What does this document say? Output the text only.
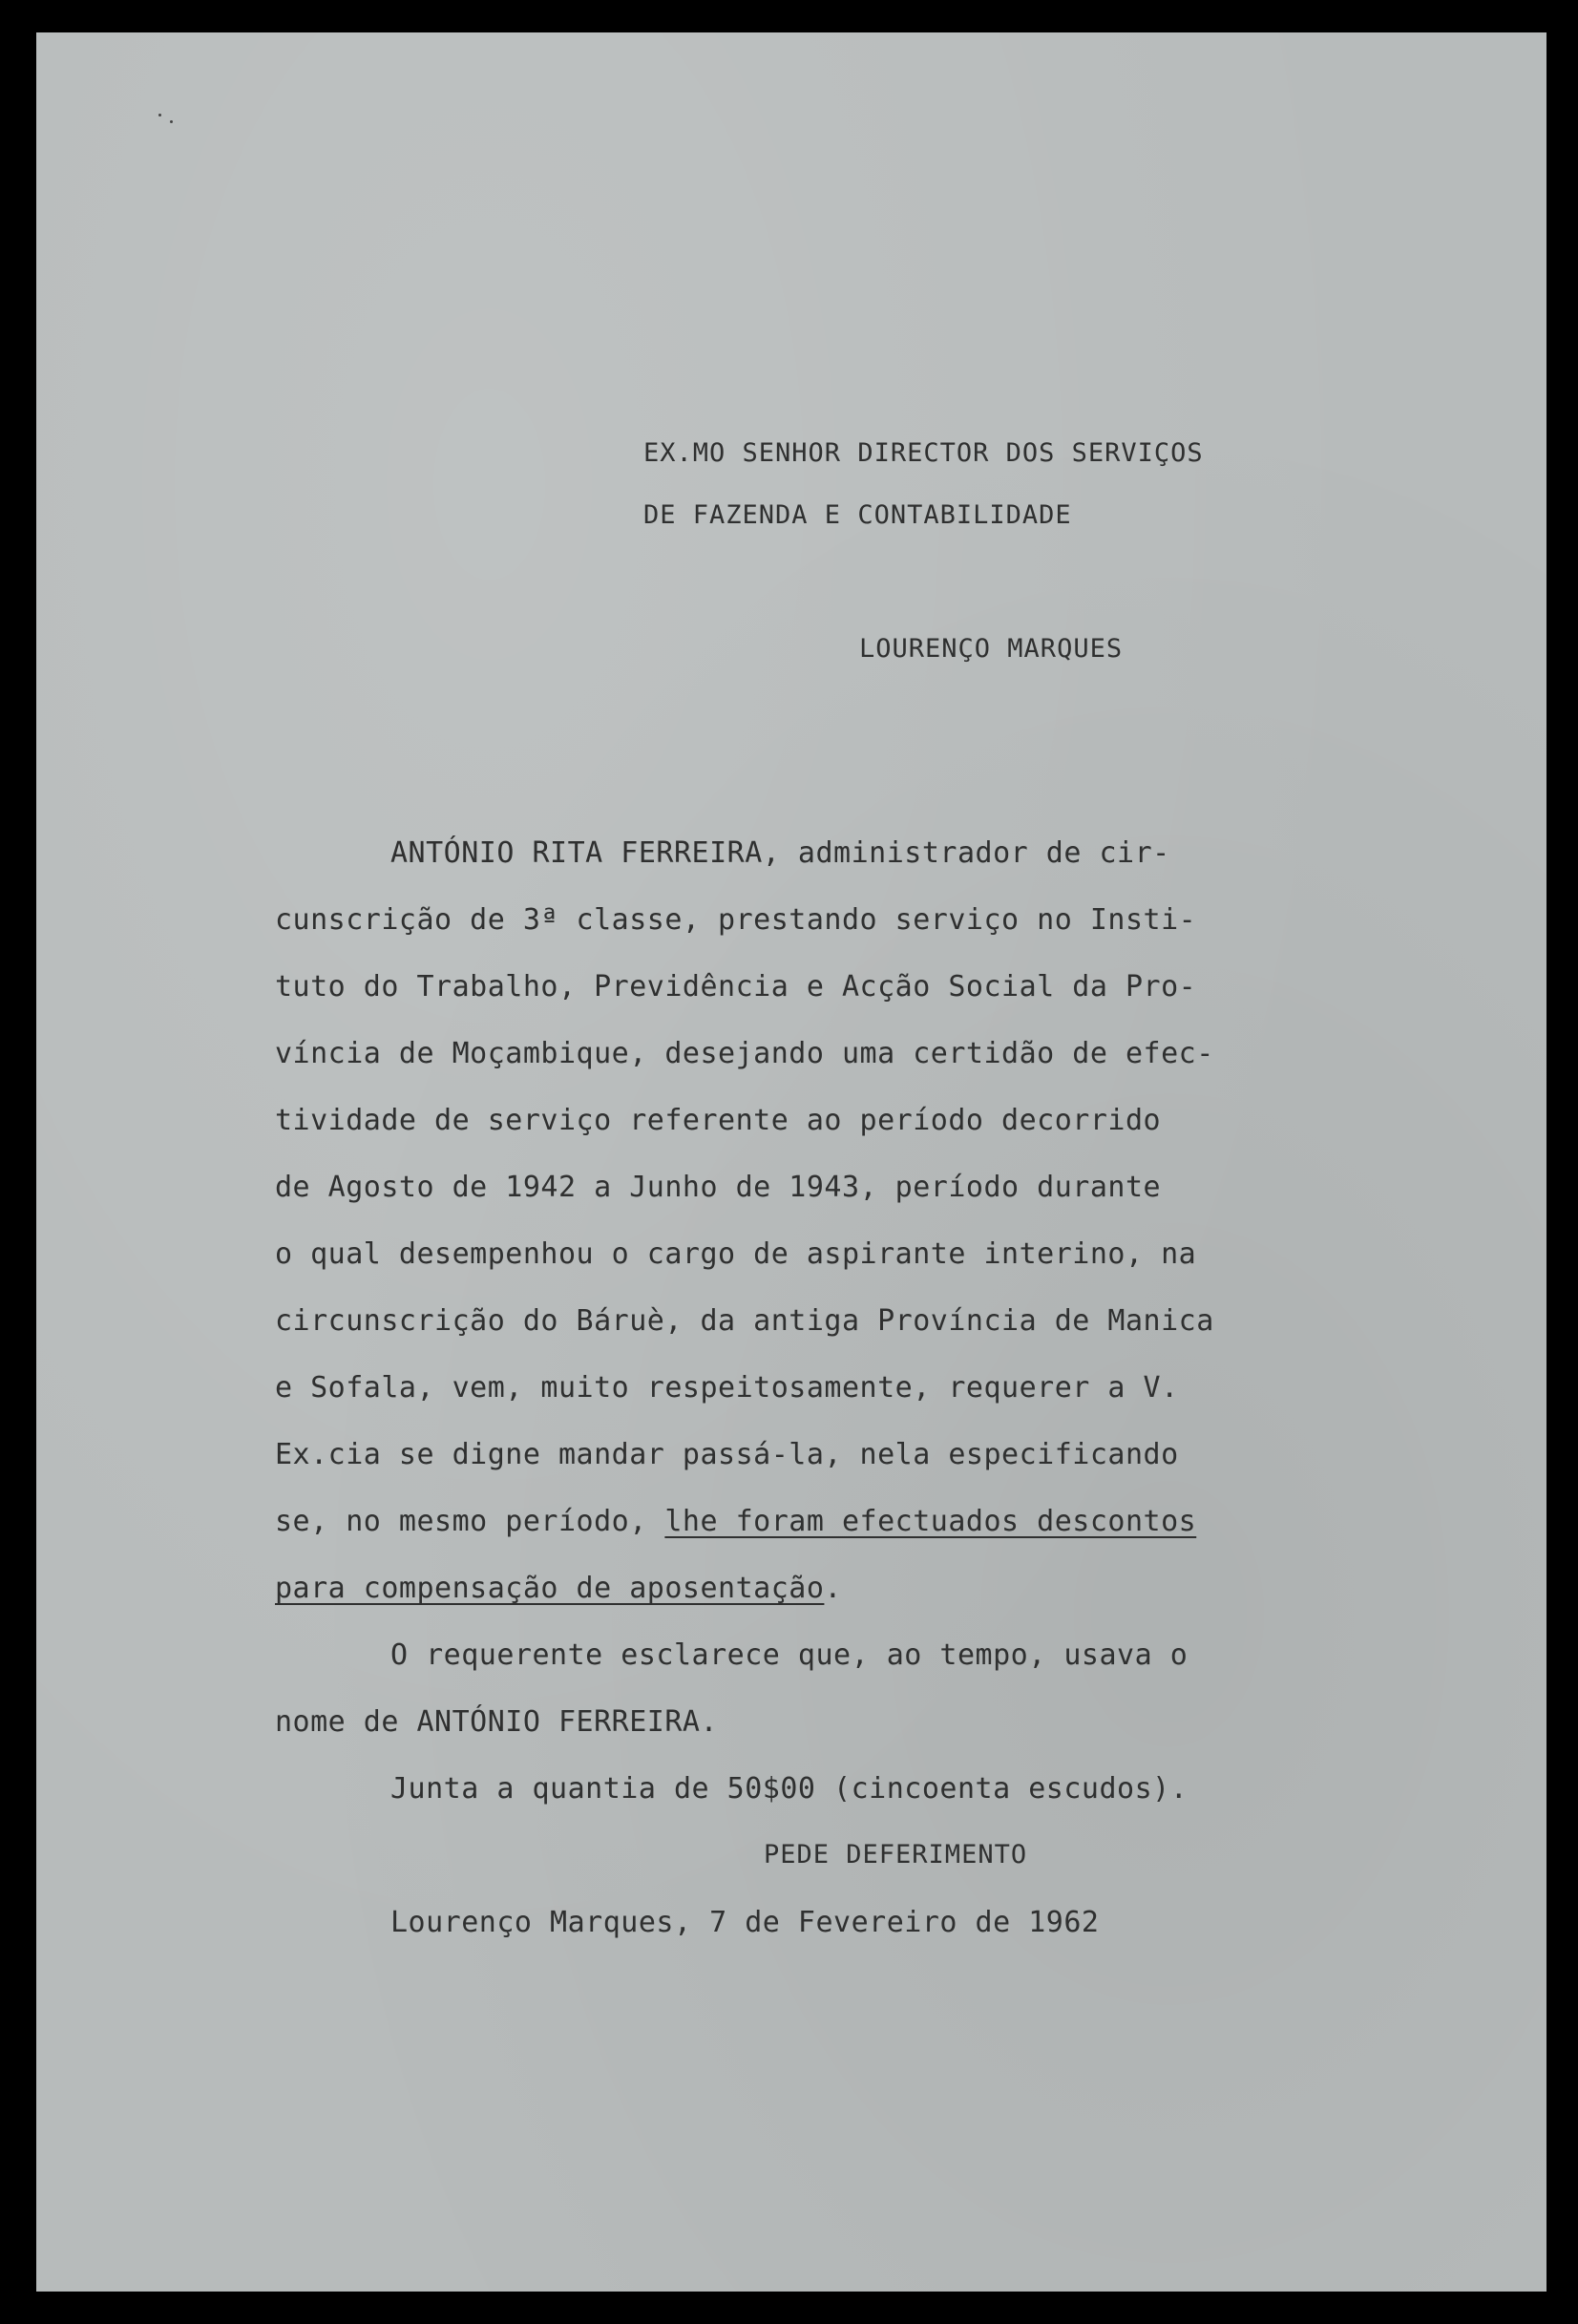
EX.MO SENHOR DIRECTOR DOS SERVIÇOS

DE FAZENDA E CONTABILIDADE

LOURENÇO MARQUES

ANTÓNIO RITA FERREIRA, administrador de cir-

cunscrição de 3ª classe, prestando serviço no Insti-

tuto do Trabalho, Previdência e Acção Social da Pro-

víncia de Moçambique, desejando uma certidão de efec-

tividade de serviço referente ao período decorrido

de Agosto de 1942 a Junho de 1943, período durante

o qual desempenhou o cargo de aspirante interino, na

circunscrição do Báruè, da antiga Província de Manica

e Sofala, vem, muito respeitosamente, requerer a V.

Ex.cia se digne mandar passá-la, nela especificando

se, no mesmo período, lhe foram efectuados descontos

para compensação de aposentação.

O requerente esclarece que, ao tempo, usava o

nome de ANTÓNIO FERREIRA.

Junta a quantia de 50$00 (cincoenta escudos).

PEDE DEFERIMENTO

Lourenço Marques, 7 de Fevereiro de 1962
